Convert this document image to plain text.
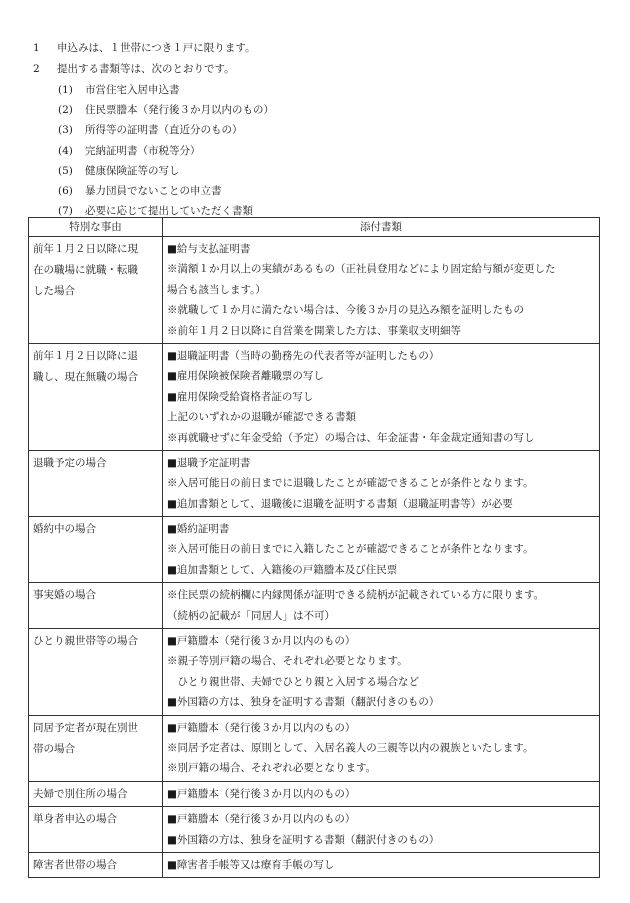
1	申込みは、１世帯につき１戸に限ります。
2	提出する書類等は、次のとおりです。
(1) 市営住宅入居申込書
(2) 住民票謄本（発行後３か月以内のもの）
(3) 所得等の証明書（直近分のもの）
(4) 完納証明書（市税等分）
(5) 健康保険証等の写し
(6) 暴力団員でないことの申立書
(7) 必要に応じて提出していただく書類
特別な事由	添付書類

前年１月２日以降に現
在の職場に就職・転職
した場合	■給与支払証明書
※満額１か月以上の実績があるもの（正社員登用などにより固定給与額が変更した
場合も該当します。）
※就職して１か月に満たない場合は、今後３か月の見込み額を証明したもの
※前年１月２日以降に自営業を開業した方は、事業収支明細等

前年１月２日以降に退
職し、現在無職の場合	■退職証明書（当時の勤務先の代表者等が証明したもの）
■雇用保険被保険者離職票の写し
■雇用保険受給資格者証の写し
上記のいずれかの退職が確認できる書類
※再就職せずに年金受給（予定）の場合は、年金証書・年金裁定通知書の写し

退職予定の場合	■退職予定証明書
※入居可能日の前日までに退職したことが確認できることが条件となります。
■追加書類として、退職後に退職を証明する書類（退職証明書等）が必要

婚約中の場合	■婚約証明書
※入居可能日の前日までに入籍したことが確認できることが条件となります。
■追加書類として、入籍後の戸籍謄本及び住民票

事実婚の場合	※住民票の続柄欄に内縁関係が証明できる続柄が記載されている方に限ります。
（続柄の記載が「同居人」は不可）

ひとり親世帯等の場合	■戸籍謄本（発行後３か月以内のもの）
※親子等別戸籍の場合、それぞれ必要となります。
　ひとり親世帯、夫婦でひとり親と入居する場合など
■外国籍の方は、独身を証明する書類（翻訳付きのもの）

同居予定者が現在別世
帯の場合	■戸籍謄本（発行後３か月以内のもの）
※同居予定者は、原則として、入居名義人の三親等以内の親族といたします。
※別戸籍の場合、それぞれ必要となります。

夫婦で別住所の場合	■戸籍謄本（発行後３か月以内のもの）

単身者申込の場合	■戸籍謄本（発行後３か月以内のもの）
■外国籍の方は、独身を証明する書類（翻訳付きのもの）

障害者世帯の場合	■障害者手帳等又は療育手帳の写し
